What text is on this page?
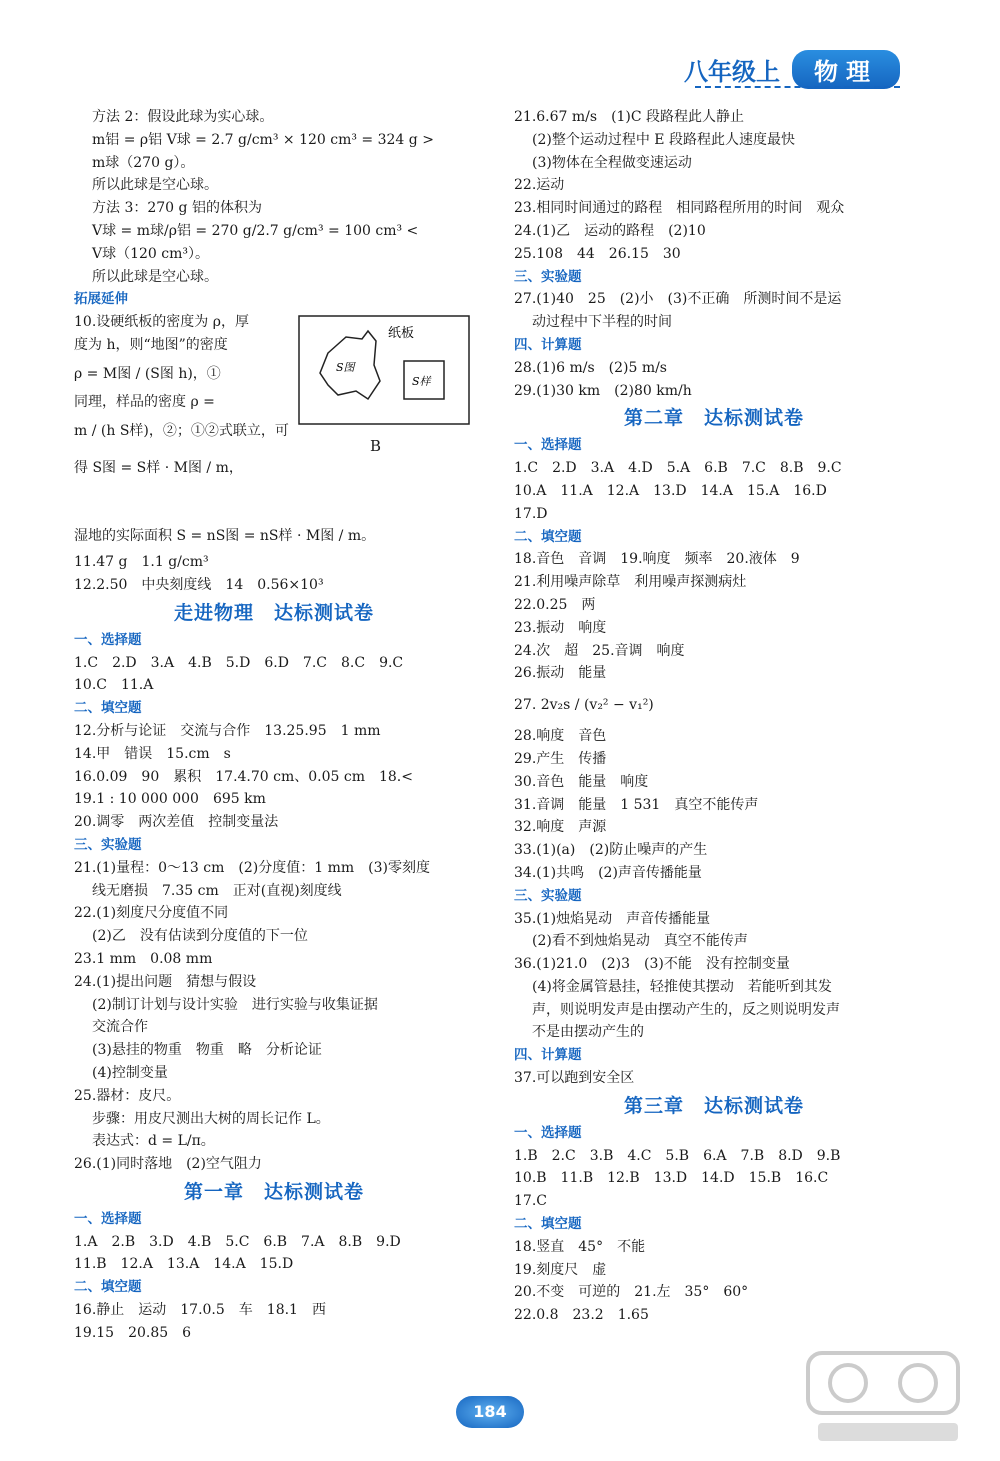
八年级上	物理
方法 2：假设此球为实心球。
m铝 = ρ铝 V球 = 2.7 g/cm³ × 120 cm³ = 324 g >
m球（270 g）。
所以此球是空心球。
方法 3：270 g 铝的体积为
V球 = m球/ρ铝 = 270 g/2.7 g/cm³ = 100 cm³ <
V球（120 cm³）。
所以此球是空心球。
拓展延伸
10.设硬纸板的密度为 ρ，厚
度为 h，则“地图”的密度
ρ = M图 / (S图 h)，①
同理，样品的密度 ρ =
m / (h S样)，②；①②式联立，可
得 S图 = S样 · M图 / m，
纸板
S图
S样
B
湿地的实际面积 S = nS图 = nS样 · M图 / m。
11.47 g　1.1 g/cm³
12.2.50　中央刻度线　14　0.56×10³
走进物理　达标测试卷
一、选择题
1.C　2.D　3.A　4.B　5.D　6.D　7.C　8.C　9.C
10.C　11.A
二、填空题
12.分析与论证　交流与合作　13.25.95　1 mm
14.甲　错误　15.cm　s
16.0.09　90　累积　17.4.70 cm、0.05 cm　18.<
19.1 : 10 000 000　695 km
20.调零　两次差值　控制变量法
三、实验题
21.(1)量程：0～13 cm　(2)分度值：1 mm　(3)零刻度
线无磨损　7.35 cm　正对(直视)刻度线
22.(1)刻度尺分度值不同
(2)乙　没有估读到分度值的下一位
23.1 mm　0.08 mm
24.(1)提出问题　猜想与假设
(2)制订计划与设计实验　进行实验与收集证据
交流合作
(3)悬挂的物重　物重　略　分析论证
(4)控制变量
25.器材：皮尺。
步骤：用皮尺测出大树的周长记作 L。
表达式：d = L/π。
26.(1)同时落地　(2)空气阻力
第一章　达标测试卷
一、选择题
1.A　2.B　3.D　4.B　5.C　6.B　7.A　8.B　9.D
11.B　12.A　13.A　14.A　15.D
二、填空题
16.静止　运动　17.0.5　车　18.1　西
19.15　20.85　6
21.6.67 m/s　(1)C 段路程此人静止
(2)整个运动过程中 E 段路程此人速度最快
(3)物体在全程做变速运动
22.运动
23.相同时间通过的路程　相同路程所用的时间　观众
24.(1)乙　运动的路程　(2)10
25.108　44　26.15　30
三、实验题
27.(1)40　25　(2)小　(3)不正确　所测时间不是运
动过程中下半程的时间
四、计算题
28.(1)6 m/s　(2)5 m/s
29.(1)30 km　(2)80 km/h
第二章　达标测试卷
一、选择题
1.C　2.D　3.A　4.D　5.A　6.B　7.C　8.B　9.C
10.A　11.A　12.A　13.D　14.A　15.A　16.D
17.D
二、填空题
18.音色　音调　19.响度　频率　20.液体　9
21.利用噪声除草　利用噪声探测病灶
22.0.25　两
23.振动　响度
24.次　超　25.音调　响度
26.振动　能量
27. 2v₂s / (v₂² − v₁²)
28.响度　音色
29.产生　传播
30.音色　能量　响度
31.音调　能量　1 531　真空不能传声
32.响度　声源
33.(1)(a)　(2)防止噪声的产生
34.(1)共鸣　(2)声音传播能量
三、实验题
35.(1)烛焰晃动　声音传播能量
(2)看不到烛焰晃动　真空不能传声
36.(1)21.0　(2)3　(3)不能　没有控制变量
(4)将金属管悬挂，轻推使其摆动　若能听到其发
声，则说明发声是由摆动产生的，反之则说明发声
不是由摆动产生的
四、计算题
37.可以跑到安全区
第三章　达标测试卷
一、选择题
1.B　2.C　3.B　4.C　5.B　6.A　7.B　8.D　9.B
10.B　11.B　12.B　13.D　14.D　15.B　16.C
17.C
二、填空题
18.竖直　45°　不能
19.刻度尺　虚
20.不变　可逆的　21.左　35°　60°
22.0.8　23.2　1.65
184
